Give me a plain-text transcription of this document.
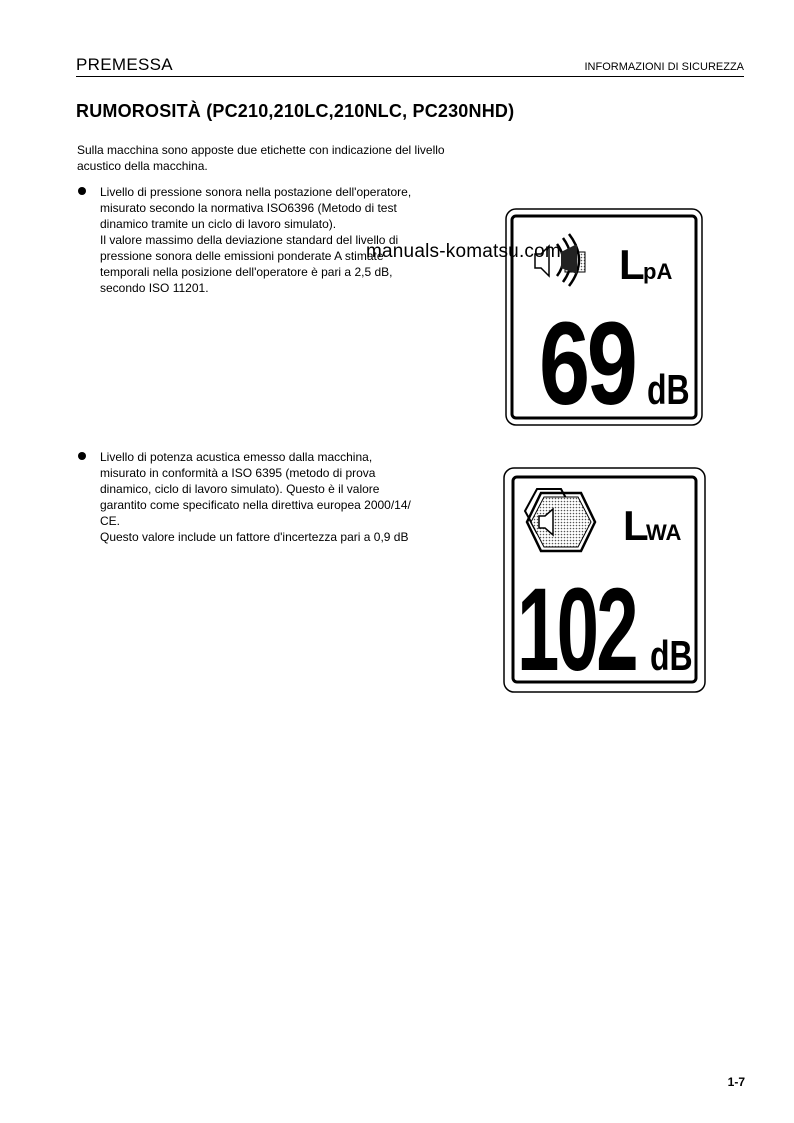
PREMESSA	INFORMAZIONI DI SICUREZZA
RUMOROSITÀ (PC210,210LC,210NLC, PC230NHD)
Sulla macchina sono apposte due etichette con indicazione del livello acustico della macchina.
Livello di pressione sonora nella postazione dell'operatore,
misurato secondo la normativa ISO6396 (Metodo di test
dinamico tramite un ciclo di lavoro simulato).
Il valore massimo della deviazione standard del livello di
pressione sonora delle emissioni ponderate A stimate
temporali nella posizione dell'operatore è pari a 2,5 dB,
secondo ISO 11201.
Livello di potenza acustica emesso dalla macchina,
misurato in conformità a ISO 6395 (metodo di prova
dinamico, ciclo di lavoro simulato). Questo è il valore
garantito come specificato nella direttiva europea 2000/14/
CE.
Questo valore include un fattore d'incertezza pari a 0,9 dB
L
pA
69 dB
L
WA
102 dB
manuals-komatsu.com
1-7
